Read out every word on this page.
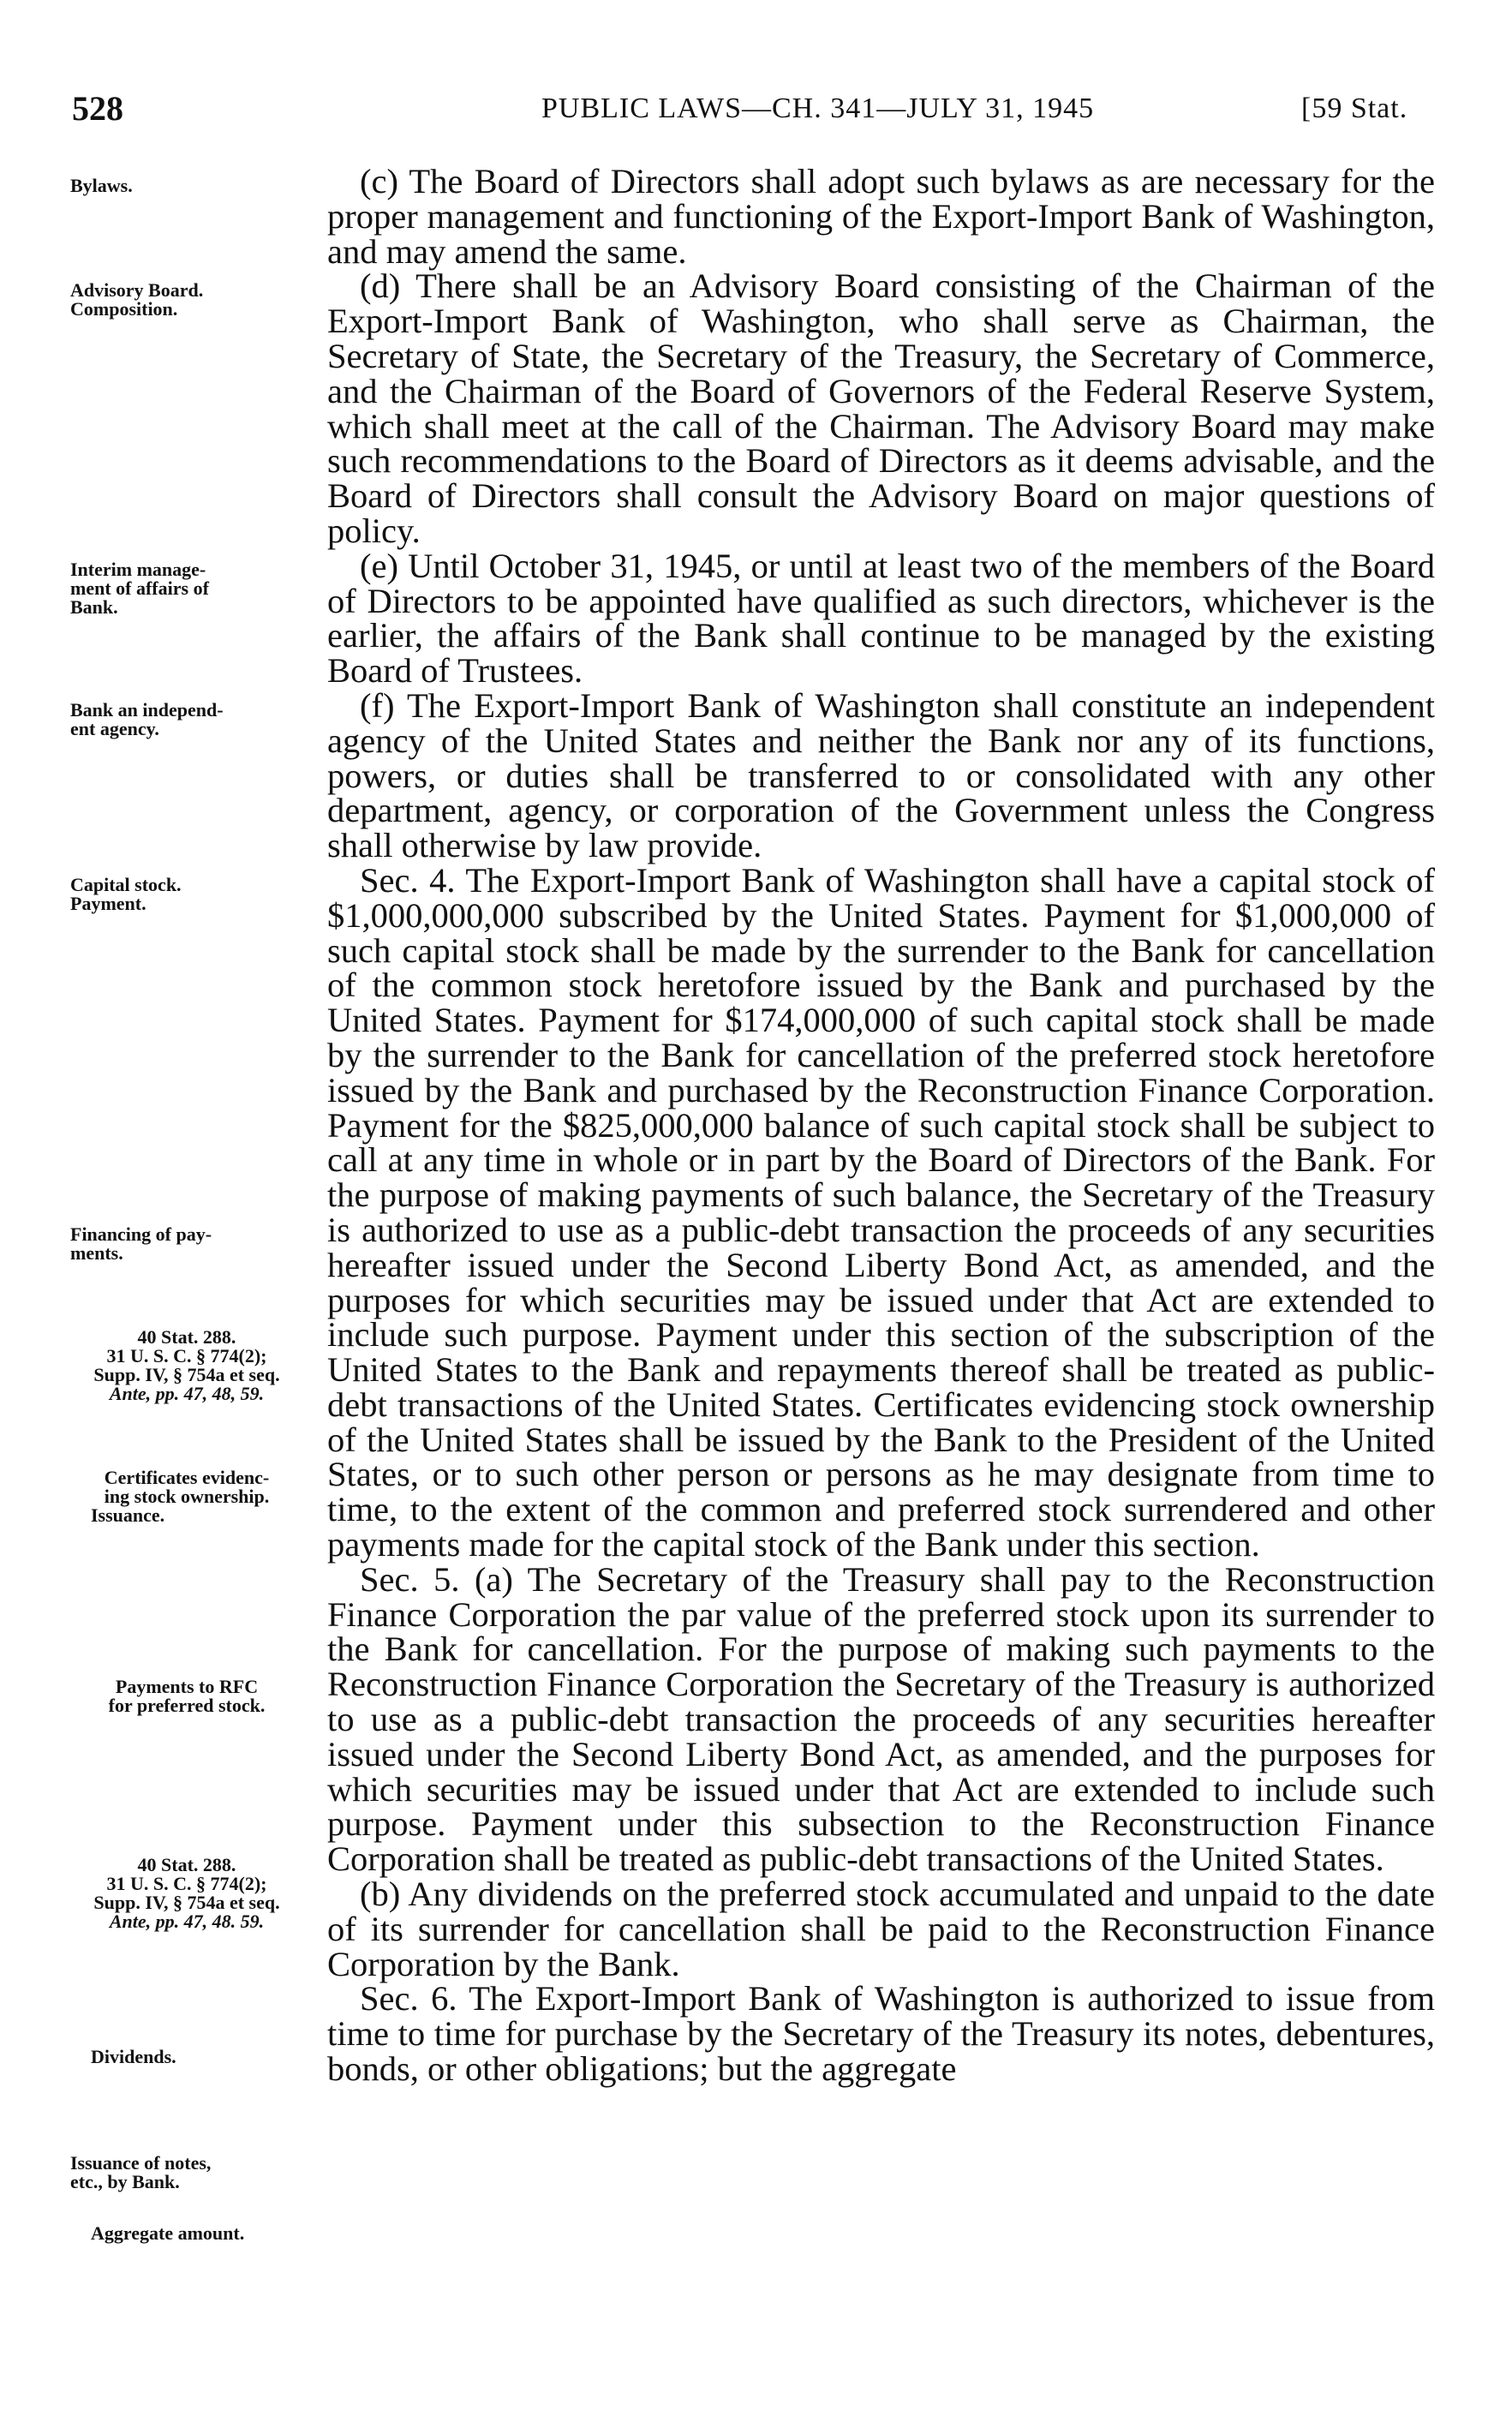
528	PUBLIC LAWS—CH. 341—JULY 31, 1945	[59 Stat.
Bylaws.
Advisory Board.
Composition.
Interim manage-
ment of affairs of
Bank.
Bank an independ-
ent agency.
Capital stock.
Payment.
Financing of pay-
ments.
40 Stat. 288.
31 U. S. C. § 774(2);
Supp. IV, § 754a et seq.
Ante, pp. 47, 48, 59.
Certificates evidenc-
ing stock ownership.
Issuance.
Payments to RFC
for preferred stock.
40 Stat. 288.
31 U. S. C. § 774(2);
Supp. IV, § 754a et seq.
Ante, pp. 47, 48. 59.
Dividends.
Issuance of notes,
etc., by Bank.
Aggregate amount.

(c) The Board of Directors shall adopt such bylaws as are necessary for the proper management and functioning of the Export-Import Bank of Washington, and may amend the same.

(d) There shall be an Advisory Board consisting of the Chairman of the Export-Import Bank of Washington, who shall serve as Chairman, the Secretary of State, the Secretary of the Treasury, the Secretary of Commerce, and the Chairman of the Board of Governors of the Federal Reserve System, which shall meet at the call of the Chairman. The Advisory Board may make such recommendations to the Board of Directors as it deems advisable, and the Board of Directors shall consult the Advisory Board on major questions of policy.

(e) Until October 31, 1945, or until at least two of the members of the Board of Directors to be appointed have qualified as such directors, whichever is the earlier, the affairs of the Bank shall continue to be managed by the existing Board of Trustees.

(f) The Export-Import Bank of Washington shall constitute an independent agency of the United States and neither the Bank nor any of its functions, powers, or duties shall be transferred to or consolidated with any other department, agency, or corporation of the Government unless the Congress shall otherwise by law provide.

Sec. 4. The Export-Import Bank of Washington shall have a capital stock of $1,000,000,000 subscribed by the United States. Payment for $1,000,000 of such capital stock shall be made by the surrender to the Bank for cancellation of the common stock heretofore issued by the Bank and purchased by the United States. Payment for $174,000,000 of such capital stock shall be made by the surrender to the Bank for cancellation of the preferred stock heretofore issued by the Bank and purchased by the Reconstruction Finance Corporation. Payment for the $825,000,000 balance of such capital stock shall be subject to call at any time in whole or in part by the Board of Directors of the Bank. For the purpose of making payments of such balance, the Secretary of the Treasury is authorized to use as a public-debt transaction the proceeds of any securities hereafter issued under the Second Liberty Bond Act, as amended, and the purposes for which securities may be issued under that Act are extended to include such purpose. Payment under this section of the subscription of the United States to the Bank and repayments thereof shall be treated as public-debt transactions of the United States. Certificates evidencing stock ownership of the United States shall be issued by the Bank to the President of the United States, or to such other person or persons as he may designate from time to time, to the extent of the common and preferred stock surrendered and other payments made for the capital stock of the Bank under this section.

Sec. 5. (a) The Secretary of the Treasury shall pay to the Reconstruction Finance Corporation the par value of the preferred stock upon its surrender to the Bank for cancellation. For the purpose of making such payments to the Reconstruction Finance Corporation the Secretary of the Treasury is authorized to use as a public-debt transaction the proceeds of any securities hereafter issued under the Second Liberty Bond Act, as amended, and the purposes for which securities may be issued under that Act are extended to include such purpose. Payment under this subsection to the Reconstruction Finance Corporation shall be treated as public-debt transactions of the United States.

(b) Any dividends on the preferred stock accumulated and unpaid to the date of its surrender for cancellation shall be paid to the Reconstruction Finance Corporation by the Bank.

Sec. 6. The Export-Import Bank of Washington is authorized to issue from time to time for purchase by the Secretary of the Treasury its notes, debentures, bonds, or other obligations; but the aggregate
